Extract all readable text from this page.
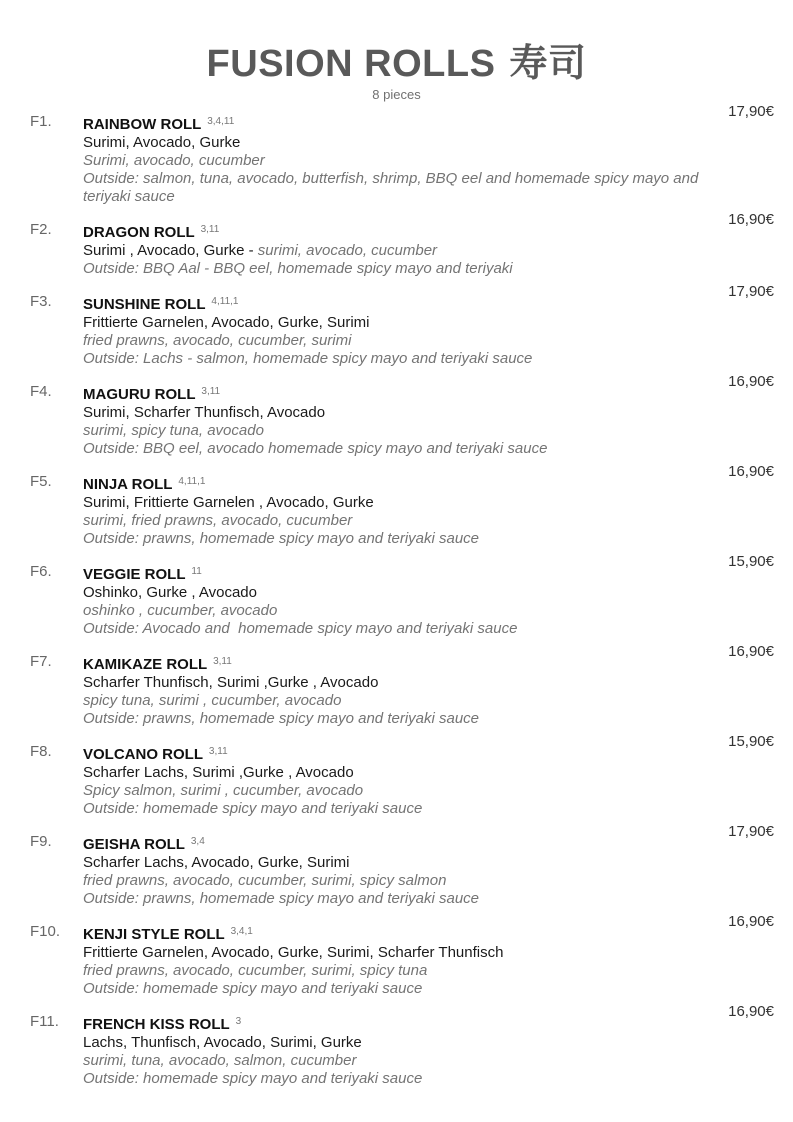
FUSION ROLLS 寿司
8 pieces
F1.
17,90€
RAINBOW ROLL $^{3,4,11}$
Surimi, Avocado, Gurke
Surimi, avocado, cucumber
Outside: salmon, tuna, avocado, butterfish, shrimp, BBQ eel and homemade spicy mayo and teriyaki sauce
F2.
16,90€
DRAGON ROLL $^{3,11}$
Surimi , Avocado, Gurke - surimi, avocado, cucumber
Outside: BBQ Aal - BBQ eel, homemade spicy mayo and teriyaki
F3.
17,90€
SUNSHINE ROLL $^{4,11,1}$
Frittierte Garnelen, Avocado, Gurke, Surimi
fried prawns, avocado, cucumber, surimi
Outside: Lachs - salmon, homemade spicy mayo and teriyaki sauce
F4.
16,90€
MAGURU ROLL $^{3,11}$
Surimi, Scharfer Thunfisch, Avocado
surimi, spicy tuna, avocado
Outside: BBQ eel, avocado homemade spicy mayo and teriyaki sauce
F5.
16,90€
NINJA ROLL $^{4,11,1}$
Surimi, Frittierte Garnelen , Avocado, Gurke
surimi, fried prawns, avocado, cucumber
Outside: prawns, homemade spicy mayo and teriyaki sauce
F6.
15,90€
VEGGIE ROLL $^{11}$
Oshinko, Gurke , Avocado
oshinko , cucumber, avocado
Outside: Avocado and  homemade spicy mayo and teriyaki sauce
F7.
16,90€
KAMIKAZE ROLL $^{3,11}$
Scharfer Thunfisch, Surimi ,Gurke , Avocado
spicy tuna, surimi , cucumber, avocado
Outside: prawns, homemade spicy mayo and teriyaki sauce
F8.
15,90€
VOLCANO ROLL $^{3,11}$
Scharfer Lachs, Surimi ,Gurke , Avocado
Spicy salmon, surimi , cucumber, avocado
Outside: homemade spicy mayo and teriyaki sauce
F9.
17,90€
GEISHA ROLL $^{3,4}$
Scharfer Lachs, Avocado, Gurke, Surimi
fried prawns, avocado, cucumber, surimi, spicy salmon
Outside: prawns, homemade spicy mayo and teriyaki sauce
F10.
16,90€
KENJI STYLE ROLL $^{3,4,1}$
Frittierte Garnelen, Avocado, Gurke, Surimi, Scharfer Thunfisch
fried prawns, avocado, cucumber, surimi, spicy tuna
Outside: homemade spicy mayo and teriyaki sauce
F11.
16,90€
FRENCH KISS ROLL $^3$
Lachs, Thunfisch, Avocado, Surimi, Gurke
surimi, tuna, avocado, salmon, cucumber
Outside: homemade spicy mayo and teriyaki sauce
